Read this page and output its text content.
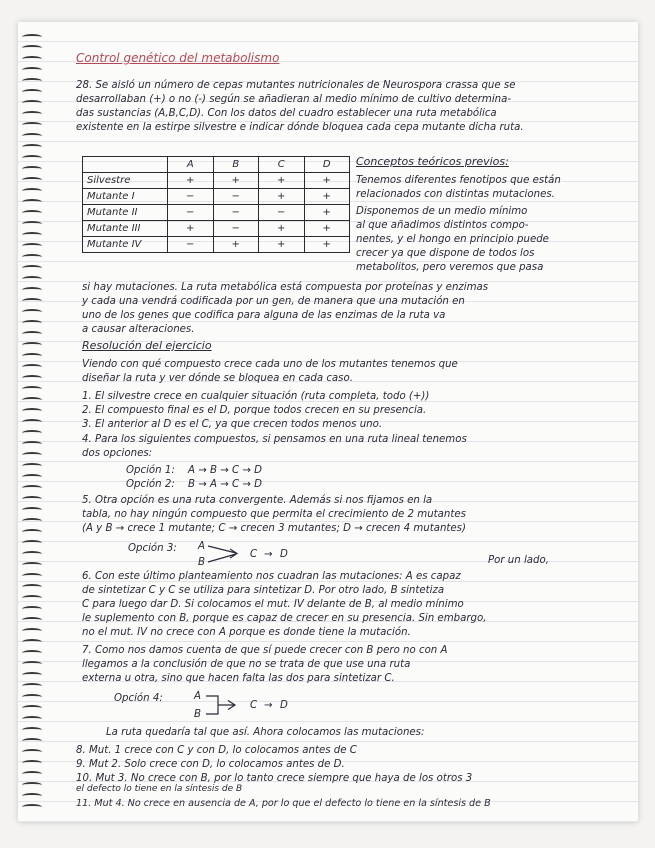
Control genético del metabolismo
28. Se aisló un número de cepas mutantes nutricionales de Neurospora crassa que se
desarrollaban (+) o no (-) según se añadieran al medio mínimo de cultivo determina-
das sustancias (A,B,C,D). Con los datos del cuadro establecer una ruta metabólica
existente en la estirpe silvestre e indicar dónde bloquea cada cepa mutante dicha ruta.
	A	B	C	D
Silvestre	+	+	+	+
Mutante I	−	−	+	+
Mutante II	−	−	−	+
Mutante III	+	−	+	+
Mutante IV	−	+	+	+
Conceptos teóricos previos:
Tenemos diferentes fenotipos que están
relacionados con distintas mutaciones.
Disponemos de un medio mínimo
al que añadimos distintos compo-
nentes, y el hongo en principio puede
crecer ya que dispone de todos los
metabolitos, pero veremos que pasa
si hay mutaciones. La ruta metabólica está compuesta por proteínas y enzimas
y cada una vendrá codificada por un gen, de manera que una mutación en
uno de los genes que codifica para alguna de las enzimas de la ruta va
a causar alteraciones.
Resolución del ejercicio
Viendo con qué compuesto crece cada uno de los mutantes tenemos que
diseñar la ruta y ver dónde se bloquea en cada caso.
1. El silvestre crece en cualquier situación (ruta completa, todo (+))
2. El compuesto final es el D, porque todos crecen en su presencia.
3. El anterior al D es el C, ya que crecen todos menos uno.
4. Para los siguientes compuestos, si pensamos en una ruta lineal tenemos
dos opciones:
Opción 1: A → B → C → D
Opción 2: B → A → C → D
5. Otra opción es una ruta convergente. Además si nos fijamos en la
tabla, no hay ningún compuesto que permita el crecimiento de 2 mutantes
(A y B → crece 1 mutante; C → crecen 3 mutantes; D → crecen 4 mutantes)
Opción 3: A
B
C → D
Por un lado,
6. Con este último planteamiento nos cuadran las mutaciones: A es capaz
de sintetizar C y C se utiliza para sintetizar D. Por otro lado, B sintetiza
C para luego dar D. Si colocamos el mut. IV delante de B, al medio mínimo
le suplemento con B, porque es capaz de crecer en su presencia. Sin embargo,
no el mut. IV no crece con A porque es donde tiene la mutación.
7. Como nos damos cuenta de que sí puede crecer con B pero no con A
llegamos a la conclusión de que no se trata de que use una ruta
externa u otra, sino que hacen falta las dos para sintetizar C.
Opción 4:	A
B
C → D
La ruta quedaría tal que así. Ahora colocamos las mutaciones:
8. Mut. 1 crece con C y con D, lo colocamos antes de C
9. Mut 2. Solo crece con D, lo colocamos antes de D.
10. Mut 3. No crece con B, por lo tanto crece siempre que haya de los otros 3
el defecto lo tiene en la síntesis de B
11. Mut 4. No crece en ausencia de A, por lo que el defecto lo tiene en la síntesis de B
